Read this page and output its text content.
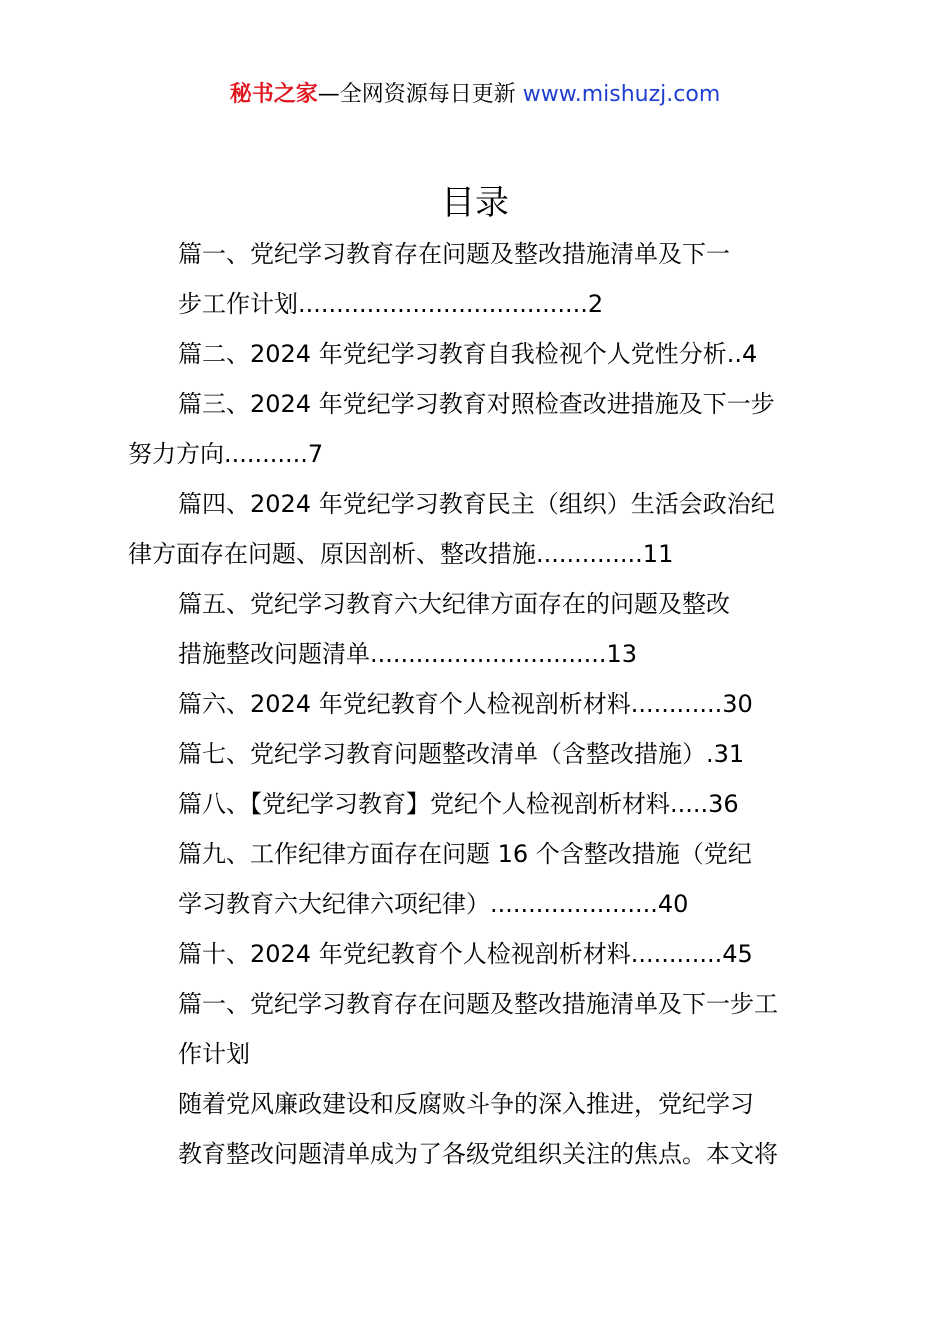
秘书之家—全网资源每日更新 www.mishuzj.com
目录
篇一、党纪学习教育存在问题及整改措施清单及下一
步工作计划......................................2
篇二、2024 年党纪学习教育自我检视个人党性分析..4
篇三、2024 年党纪学习教育对照检查改进措施及下一步
努力方向...........7
篇四、2024 年党纪学习教育民主（组织）生活会政治纪
律方面存在问题、原因剖析、整改措施..............11
篇五、党纪学习教育六大纪律方面存在的问题及整改
措施整改问题清单...............................13
篇六、2024 年党纪教育个人检视剖析材料............30
篇七、党纪学习教育问题整改清单（含整改措施）.31
篇八、【党纪学习教育】党纪个人检视剖析材料.....36
篇九、工作纪律方面存在问题 16 个含整改措施（党纪
学习教育六大纪律六项纪律）......................40
篇十、2024 年党纪教育个人检视剖析材料............45
篇一、党纪学习教育存在问题及整改措施清单及下一步工
作计划
随着党风廉政建设和反腐败斗争的深入推进，党纪学习
教育整改问题清单成为了各级党组织关注的焦点。本文将
